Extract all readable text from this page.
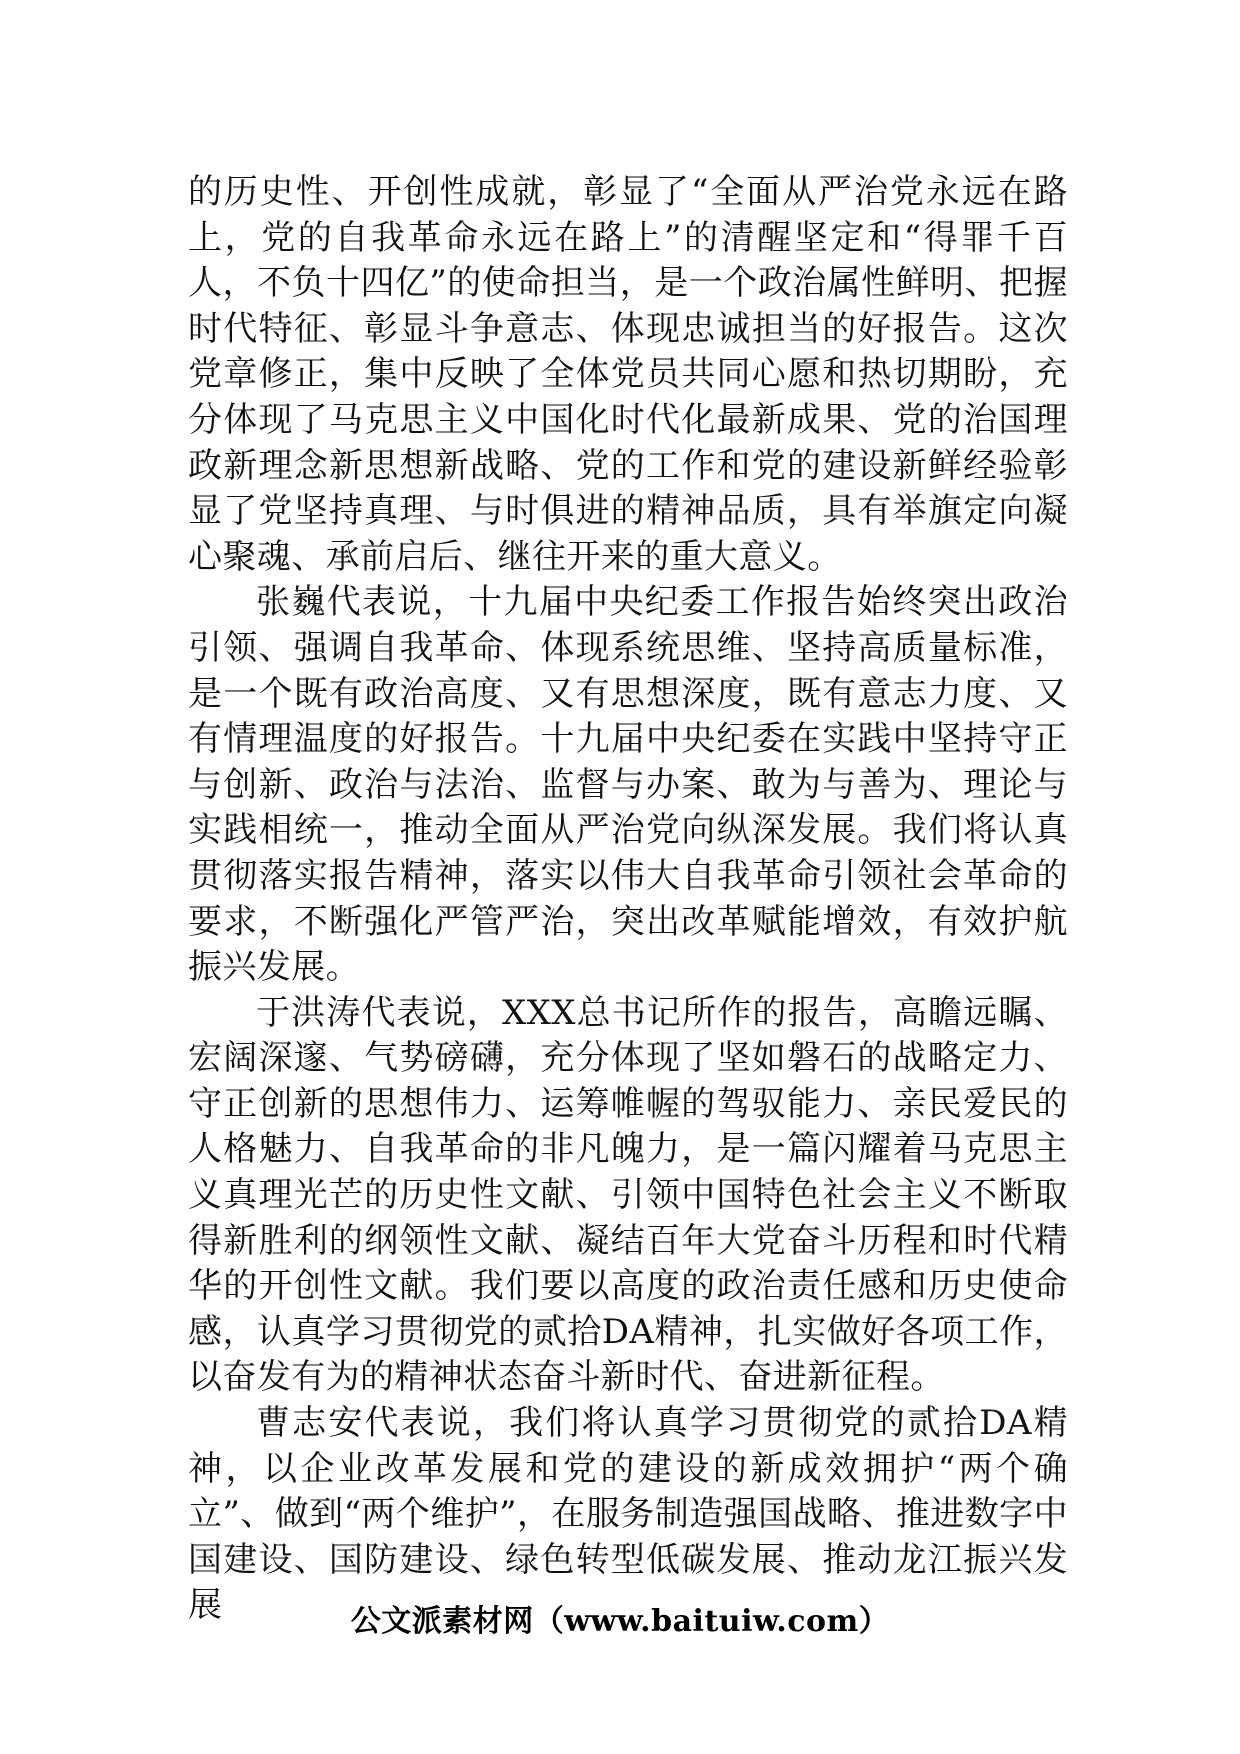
的历史性、开创性成就，彰显了“全面从严治党永远在路上，党的自我革命永远在路上”的清醒坚定和“得罪千百人，不负十四亿”的使命担当，是一个政治属性鲜明、把握时代特征、彰显斗争意志、体现忠诚担当的好报告。这次党章修正，集中反映了全体党员共同心愿和热切期盼，充分体现了马克思主义中国化时代化最新成果、党的治国理政新理念新思想新战略、党的工作和党的建设新鲜经验彰显了党坚持真理、与时俱进的精神品质，具有举旗定向凝心聚魂、承前启后、继往开来的重大意义。

张巍代表说，十九届中央纪委工作报告始终突出政治引领、强调自我革命、体现系统思维、坚持高质量标准，是一个既有政治高度、又有思想深度，既有意志力度、又有情理温度的好报告。十九届中央纪委在实践中坚持守正与创新、政治与法治、监督与办案、敢为与善为、理论与实践相统一，推动全面从严治党向纵深发展。我们将认真贯彻落实报告精神，落实以伟大自我革命引领社会革命的要求，不断强化严管严治，突出改革赋能增效，有效护航振兴发展。

于洪涛代表说，XXX总书记所作的报告，高瞻远瞩、宏阔深邃、气势磅礴，充分体现了坚如磐石的战略定力、守正创新的思想伟力、运筹帷幄的驾驭能力、亲民爱民的人格魅力、自我革命的非凡魄力，是一篇闪耀着马克思主义真理光芒的历史性文献、引领中国特色社会主义不断取得新胜利的纲领性文献、凝结百年大党奋斗历程和时代精华的开创性文献。我们要以高度的政治责任感和历史使命感，认真学习贯彻党的贰拾DA精神，扎实做好各项工作，以奋发有为的精神状态奋斗新时代、奋进新征程。

曹志安代表说，我们将认真学习贯彻党的贰拾DA精神，以企业改革发展和党的建设的新成效拥护“两个确立”、做到“两个维护”，在服务制造强国战略、推进数字中国建设、国防建设、绿色转型低碳发展、推动龙江振兴发展	公文派素材网（www.baituiw.com）
